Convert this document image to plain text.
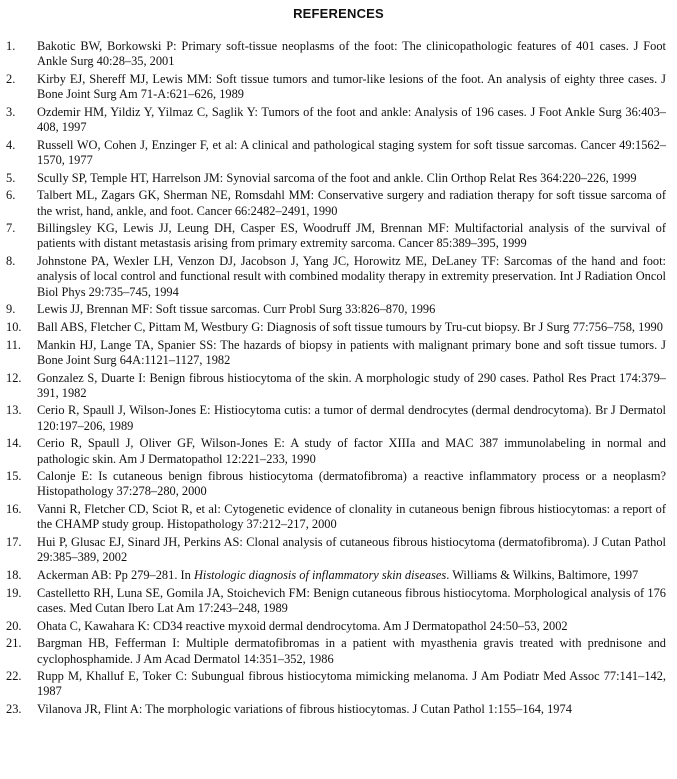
REFERENCES
1.	Bakotic BW, Borkowski P: Primary soft-tissue neoplasms of the foot: The clinicopathologic features of 401 cases. J Foot Ankle Surg 40:28–35, 2001
2.	Kirby EJ, Shereff MJ, Lewis MM: Soft tissue tumors and tumor-like lesions of the foot. An analysis of eighty three cases. J Bone Joint Surg Am 71-A:621–626, 1989
3.	Ozdemir HM, Yildiz Y, Yilmaz C, Saglik Y: Tumors of the foot and ankle: Analysis of 196 cases. J Foot Ankle Surg 36:403–408, 1997
4.	Russell WO, Cohen J, Enzinger F, et al: A clinical and pathological staging system for soft tissue sarcomas. Cancer 49:1562–1570, 1977
5.	Scully SP, Temple HT, Harrelson JM: Synovial sarcoma of the foot and ankle. Clin Orthop Relat Res 364:220–226, 1999
6.	Talbert ML, Zagars GK, Sherman NE, Romsdahl MM: Conservative surgery and radiation therapy for soft tissue sarcoma of the wrist, hand, ankle, and foot. Cancer 66:2482–2491, 1990
7.	Billingsley KG, Lewis JJ, Leung DH, Casper ES, Woodruff JM, Brennan MF: Multifactorial analysis of the survival of patients with distant metastasis arising from primary extremity sarcoma. Cancer 85:389–395, 1999
8.	Johnstone PA, Wexler LH, Venzon DJ, Jacobson J, Yang JC, Horowitz ME, DeLaney TF: Sarcomas of the hand and foot: analysis of local control and functional result with combined modality therapy in extremity preservation. Int J Radiation Oncol Biol Phys 29:735–745, 1994
9.	Lewis JJ, Brennan MF: Soft tissue sarcomas. Curr Probl Surg 33:826–870, 1996
10.	Ball ABS, Fletcher C, Pittam M, Westbury G: Diagnosis of soft tissue tumours by Tru-cut biopsy. Br J Surg 77:756–758, 1990
11.	Mankin HJ, Lange TA, Spanier SS: The hazards of biopsy in patients with malignant primary bone and soft tissue tumors. J Bone Joint Surg 64A:1121–1127, 1982
12.	Gonzalez S, Duarte I: Benign fibrous histiocytoma of the skin. A morphologic study of 290 cases. Pathol Res Pract 174:379–391, 1982
13.	Cerio R, Spaull J, Wilson-Jones E: Histiocytoma cutis: a tumor of dermal dendrocytes (dermal dendrocytoma). Br J Dermatol 120:197–206, 1989
14.	Cerio R, Spaull J, Oliver GF, Wilson-Jones E: A study of factor XIIIa and MAC 387 immunolabeling in normal and pathologic skin. Am J Dermatopathol 12:221–233, 1990
15.	Calonje E: Is cutaneous benign fibrous histiocytoma (dermatofibroma) a reactive inflammatory process or a neoplasm? Histopathology 37:278–280, 2000
16.	Vanni R, Fletcher CD, Sciot R, et al: Cytogenetic evidence of clonality in cutaneous benign fibrous histiocytomas: a report of the CHAMP study group. Histopathology 37:212–217, 2000
17.	Hui P, Glusac EJ, Sinard JH, Perkins AS: Clonal analysis of cutaneous fibrous histiocytoma (dermatofibroma). J Cutan Pathol 29:385–389, 2002
18.	Ackerman AB: Pp 279–281. In Histologic diagnosis of inflammatory skin diseases. Williams & Wilkins, Baltimore, 1997
19.	Castelletto RH, Luna SE, Gomila JA, Stoichevich FM: Benign cutaneous fibrous histiocytoma. Morphological analysis of 176 cases. Med Cutan Ibero Lat Am 17:243–248, 1989
20.	Ohata C, Kawahara K: CD34 reactive myxoid dermal dendrocytoma. Am J Dermatopathol 24:50–53, 2002
21.	Bargman HB, Fefferman I: Multiple dermatofibromas in a patient with myasthenia gravis treated with prednisone and cyclophosphamide. J Am Acad Dermatol 14:351–352, 1986
22.	Rupp M, Khalluf E, Toker C: Subungual fibrous histiocytoma mimicking melanoma. J Am Podiatr Med Assoc 77:141–142, 1987
23.	Vilanova JR, Flint A: The morphologic variations of fibrous histiocytomas. J Cutan Pathol 1:155–164, 1974
